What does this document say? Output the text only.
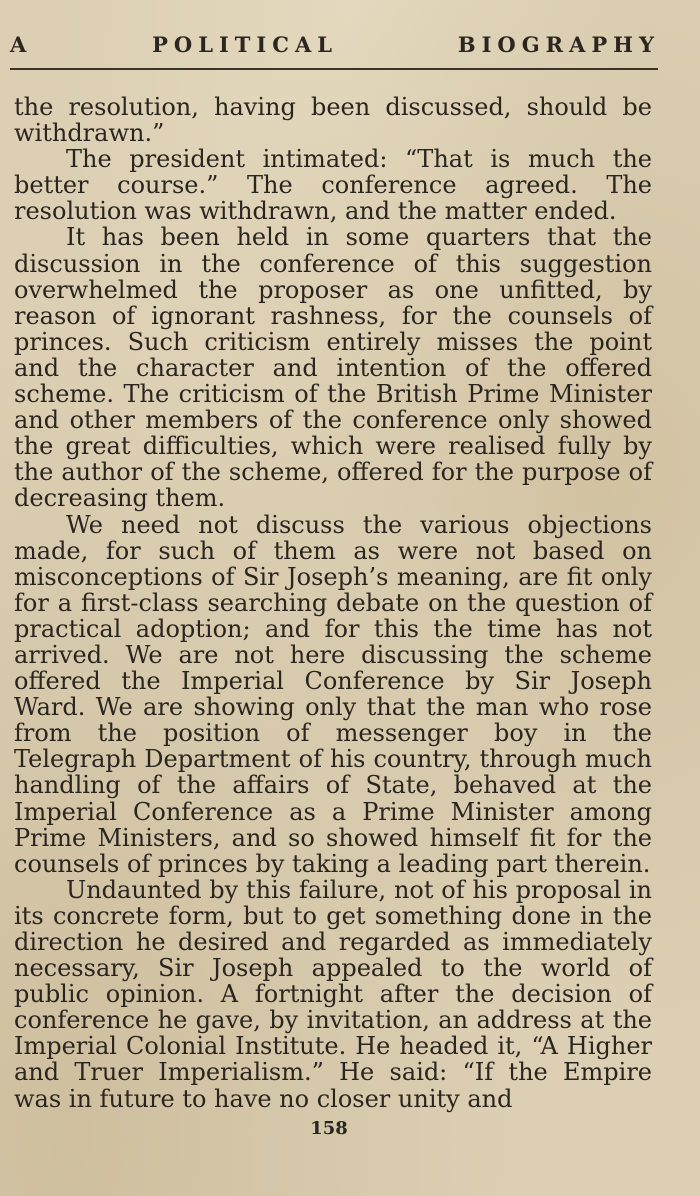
A	POLITICAL	BIOGRAPHY

the resolution, having been discussed, should be withdrawn.”

The president intimated: “That is much the better course.” The conference agreed. The resolution was withdrawn, and the matter ended.

It has been held in some quarters that the discussion in the conference of this suggestion overwhelmed the proposer as one unfitted, by reason of ignorant rashness, for the counsels of princes. Such criticism entirely misses the point and the character and intention of the offered scheme. The criticism of the British Prime Minister and other members of the conference only showed the great difficulties, which were realised fully by the author of the scheme, offered for the purpose of decreasing them.

We need not discuss the various objections made, for such of them as were not based on misconceptions of Sir Joseph’s meaning, are fit only for a first-class searching debate on the question of practical adoption; and for this the time has not arrived. We are not here discussing the scheme offered the Imperial Conference by Sir Joseph Ward. We are showing only that the man who rose from the position of messenger boy in the Telegraph Department of his country, through much handling of the affairs of State, behaved at the Imperial Conference as a Prime Minister among Prime Ministers, and so showed himself fit for the counsels of princes by taking a leading part therein.

Undaunted by this failure, not of his proposal in its concrete form, but to get something done in the direction he desired and regarded as immediately necessary, Sir Joseph appealed to the world of public opinion. A fortnight after the decision of conference he gave, by invitation, an address at the Imperial Colonial Institute. He headed it, “A Higher and Truer Imperialism.” He said: “If the Empire was in future to have no closer unity and

158
